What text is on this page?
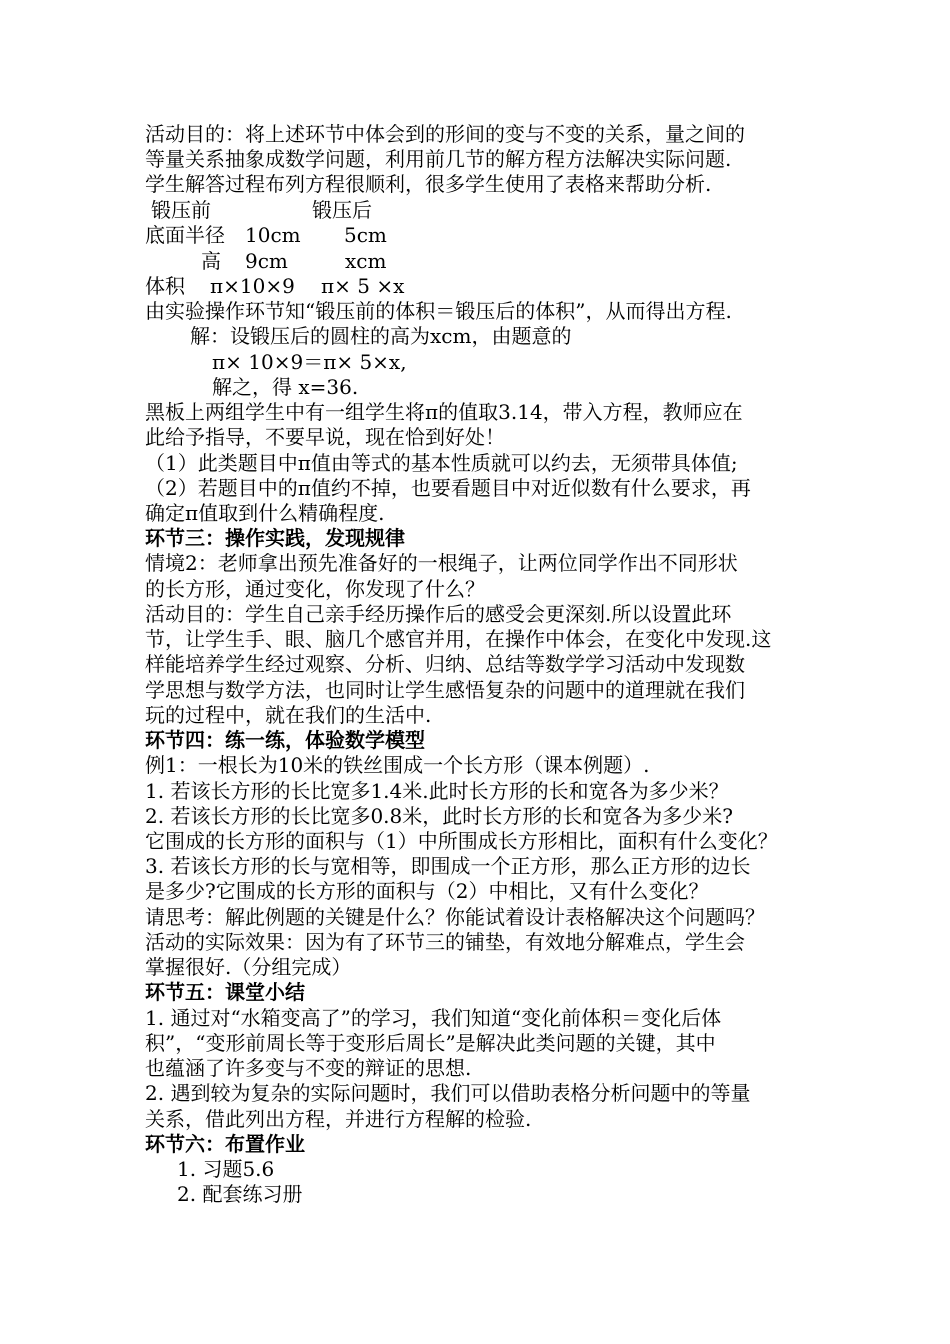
活动目的：将上述环节中体会到的形间的变与不变的关系，量之间的
等量关系抽象成数学问题，利用前几节的解方程方法解决实际问题.
学生解答过程布列方程很顺利，很多学生使用了表格来帮助分析.
锻压前	锻压后
底面半径 10cm 5cm
高 9cm	xcm
体积 π×10×9 π× 5 ×x
由实验操作环节知“锻压前的体积＝锻压后的体积”，从而得出方程.
解：设锻压后的圆柱的高为xcm，由题意的
π× 10×9＝π× 5×x,
解之，得 x=36.
黑板上两组学生中有一组学生将π的值取3.14，带入方程，教师应在
此给予指导，不要早说，现在恰到好处！
（1）此类题目中π值由等式的基本性质就可以约去，无须带具体值;
（2）若题目中的π值约不掉，也要看题目中对近似数有什么要求，再
确定π值取到什么精确程度.
环节三：操作实践，发现规律
情境2：老师拿出预先准备好的一根绳子，让两位同学作出不同形状
的长方形，通过变化，你发现了什么？
活动目的：学生自己亲手经历操作后的感受会更深刻.所以设置此环
节，让学生手、眼、脑几个感官并用，在操作中体会，在变化中发现.这
样能培养学生经过观察、分析、归纳、总结等数学学习活动中发现数
学思想与数学方法，也同时让学生感悟复杂的问题中的道理就在我们
玩的过程中，就在我们的生活中.
环节四：练一练，体验数学模型
例1：一根长为10米的铁丝围成一个长方形（课本例题）.
1. 若该长方形的长比宽多1.4米.此时长方形的长和宽各为多少米？
2. 若该长方形的长比宽多0.8米，此时长方形的长和宽各为多少米?
它围成的长方形的面积与（1）中所围成长方形相比，面积有什么变化？
3. 若该长方形的长与宽相等，即围成一个正方形，那么正方形的边长
是多少?它围成的长方形的面积与（2）中相比，又有什么变化？
请思考：解此例题的关键是什么？你能试着设计表格解决这个问题吗？
活动的实际效果：因为有了环节三的铺垫，有效地分解难点，学生会
掌握很好.（分组完成）
环节五：课堂小结
1. 通过对“水箱变高了”的学习，我们知道“变化前体积＝变化后体
积”，“变形前周长等于变形后周长”是解决此类问题的关键，其中
也蕴涵了许多变与不变的辩证的思想.
2. 遇到较为复杂的实际问题时，我们可以借助表格分析问题中的等量
关系，借此列出方程，并进行方程解的检验.
环节六：布置作业
1. 习题5.6
2. 配套练习册
